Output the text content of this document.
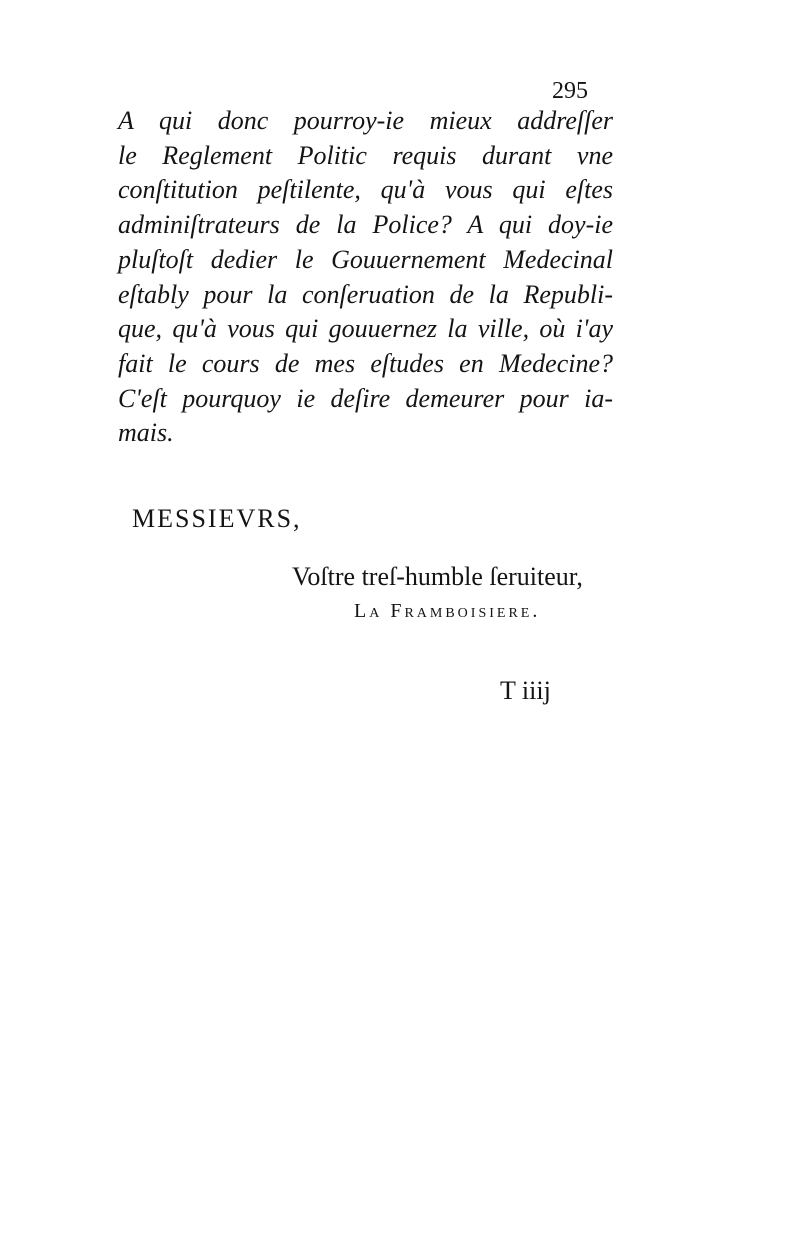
295
A qui donc pourroy-ie mieux addreſſer
le Reglement Politic requis durant vne
conſtitution peſtilente, qu'à vous qui eſtes
adminiſtrateurs de la Police? A qui doy-ie
pluſtoſt dedier le Gouuernement Medecinal
eſtably pour la conſeruation de la Republi-
que, qu'à vous qui gouuernez la ville, où i'ay
fait le cours de mes eſtudes en Medecine?
C'eſt pourquoy ie deſire demeurer pour ia-
mais.
MESSIEVRS,
Voſtre treſ-humble ſeruiteur,
La Framboisiere.
T iiij
